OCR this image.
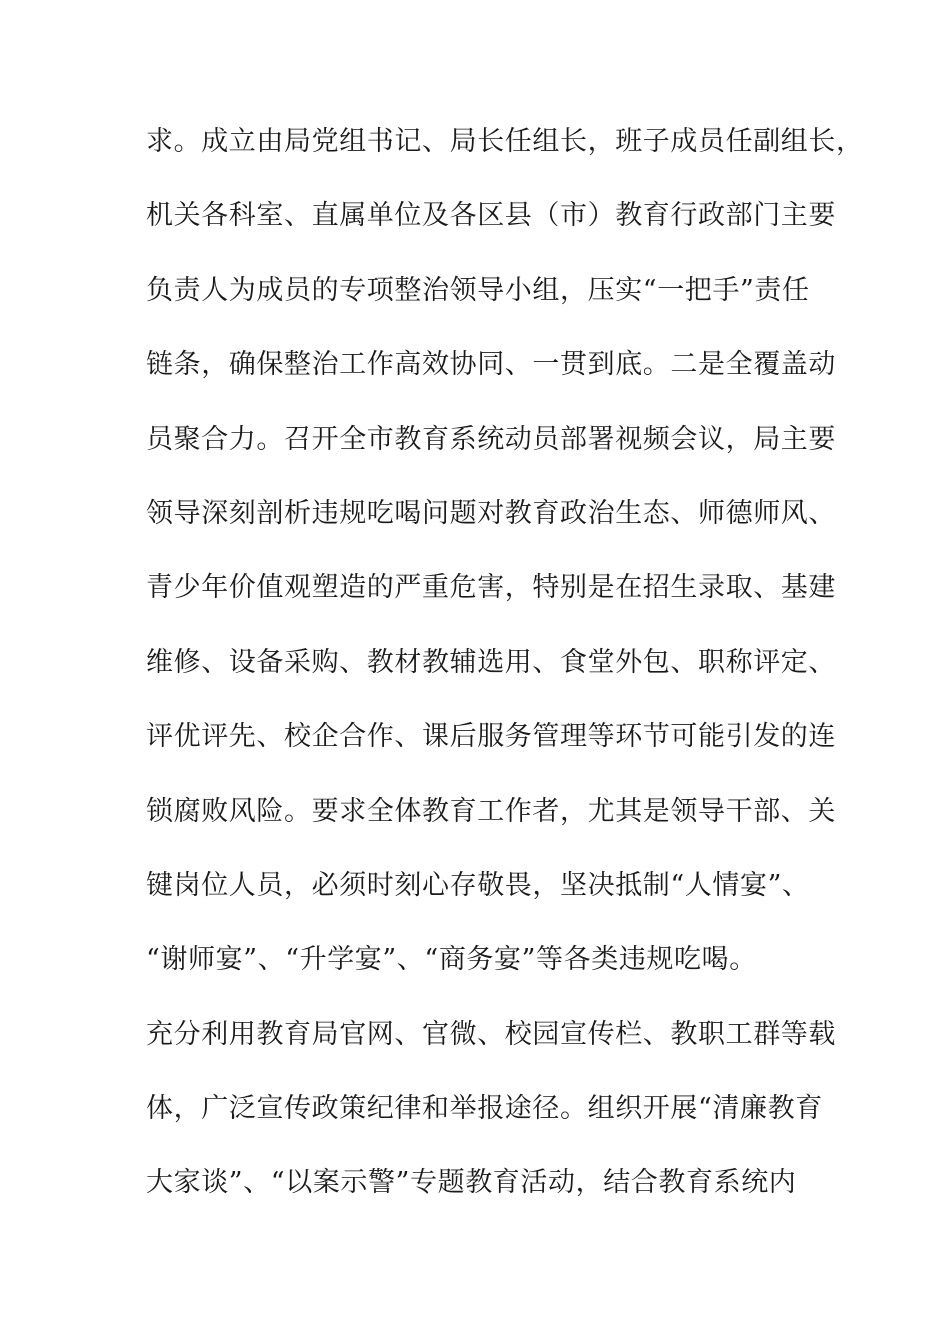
求。成立由局党组书记、局长任组长，班子成员任副组长，
机关各科室、直属单位及各区县（市）教育行政部门主要
负责人为成员的专项整治领导小组，压实“一把手”责任
链条，确保整治工作高效协同、一贯到底。二是全覆盖动
员聚合力。召开全市教育系统动员部署视频会议，局主要
领导深刻剖析违规吃喝问题对教育政治生态、师德师风、
青少年价值观塑造的严重危害，特别是在招生录取、基建
维修、设备采购、教材教辅选用、食堂外包、职称评定、
评优评先、校企合作、课后服务管理等环节可能引发的连
锁腐败风险。要求全体教育工作者，尤其是领导干部、关
键岗位人员，必须时刻心存敬畏，坚决抵制“人情宴”、
“谢师宴”、“升学宴”、“商务宴”等各类违规吃喝。
充分利用教育局官网、官微、校园宣传栏、教职工群等载
体，广泛宣传政策纪律和举报途径。组织开展“清廉教育
大家谈”、“以案示警”专题教育活动，结合教育系统内
